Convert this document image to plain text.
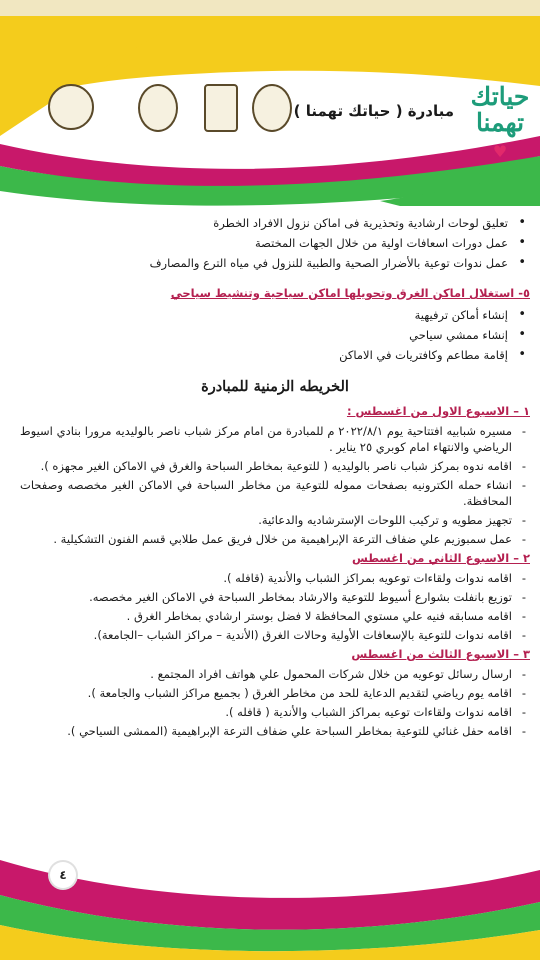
حياتك
تهمنا ♥
مبادرة ( حياتك تهمنا )
• تعليق لوحات ارشادية وتحذيرية فى اماكن نزول الافراد الخطرة
• عمل دورات اسعافات اولية من خلال الجهات المختصة
• عمل ندوات توعية بالأضرار الصحية والطبية للنزول في مياه الترع والمصارف
٥- استغلال اماكن الغرق وتحويلها اماكن سياحية وتنشيط سياحي
• إنشاء أماكن ترفيهية
• إنشاء ممشي سياحي
• إقامة مطاعم وكافتريات في الاماكن
الخريطه الزمنية للمبادرة
١ – الاسبوع الاول من اغسطس :
- مسيره شبابيه افتتاحية يوم ٢٠٢٢/٨/١ م للمبادرة من امام مركز شباب ناصر بالوليديه مرورا بنادي اسيوط الرياضي والانتهاء امام كوبري ٢٥ يناير .
- اقامه ندوه بمركز شباب ناصر بالوليديه ( للتوعية بمخاطر السباحة والغرق في الاماكن الغير مجهزه ).
- انشاء حمله الكترونيه بصفحات مموله للتوعية من مخاطر السباحة في الاماكن الغير مخصصه وصفحات المحافظة.
- تجهيز مطويه و تركيب اللوحات الإسترشاديه والدعائية.
- عمل سمبوزيم علي ضفاف الترعة الإبراهيمية من خلال فريق عمل طلابي قسم الفنون التشكيلية .
٢ – الاسبوع الثاني من اغسطس
- اقامه ندوات ولقاءات توعويه بمراكز الشباب والأندية (قافله ).
- توزيع بانفلت بشوارع أسيوط للتوعية والارشاد بمخاطر السباحة في الاماكن الغير مخصصه.
- اقامه مسابقه فنيه علي مستوي المحافظة لا فضل بوستر ارشادي بمخاطر الغرق .
- اقامه ندوات للتوعية بالإسعافات الأولية وحالات الغرق (الأندية – مراكز الشباب –الجامعة).
٣ – الاسبوع الثالث من اغسطس
- ارسال رسائل توعويه من خلال شركات المحمول علي هواتف افراد المجتمع .
- اقامه يوم رياضي لتقديم الدعاية للحد من مخاطر الغرق ( بجميع مراكز الشباب والجامعة ).
- اقامه ندوات ولقاءات توعيه بمراكز الشباب والأندية ( قافله ).
- اقامه حفل غنائي للتوعية بمخاطر السباحة علي ضفاف الترعة الإبراهيمية (الممشى السياحي ).
٤
